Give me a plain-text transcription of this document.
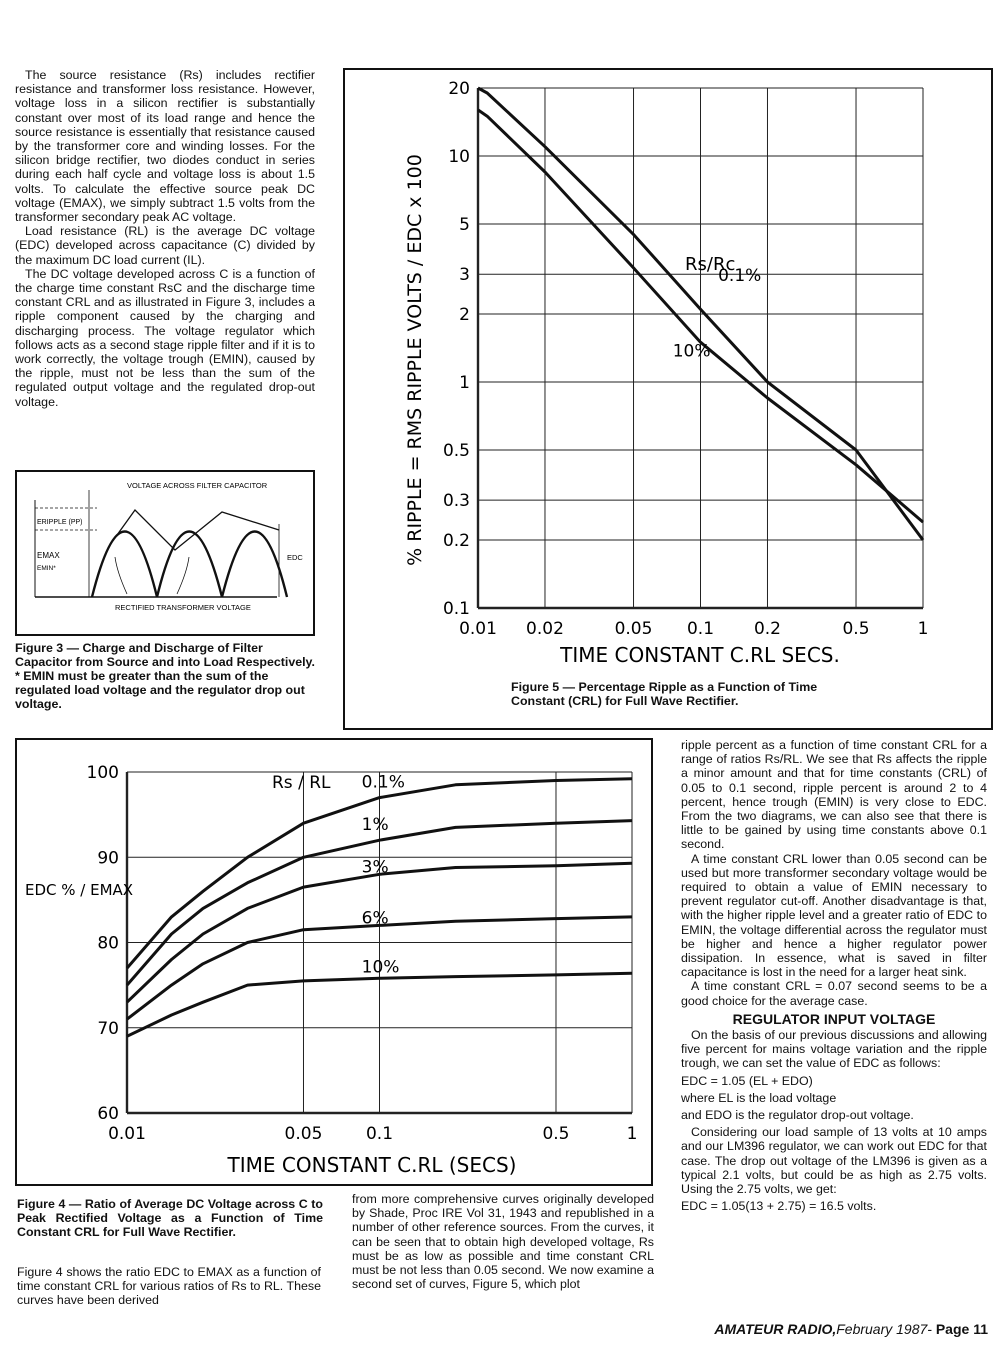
The source resistance (Rs) includes rectifier resistance and transformer loss resistance. However, voltage loss in a silicon rectifier is substantially constant over most of its load range and hence the source resistance is essentially that resistance caused by the transformer core and winding losses. For the silicon bridge rectifier, two diodes conduct in series during each half cycle and voltage loss is about 1.5 volts. To calculate the effective source peak DC voltage (EMAX), we simply subtract 1.5 volts from the transformer secondary peak AC voltage.

Load resistance (RL) is the average DC voltage (EDC) developed across capacitance (C) divided by the maximum DC load current (IL).

The DC voltage developed across C is a function of the charge time constant RsC and the discharge time constant CRL and as illustrated in Figure 3, includes a ripple component caused by the charging and discharging process. The voltage regulator which follows acts as a second stage ripple filter and if it is to work correctly, the voltage trough (EMIN), caused by the ripple, must not be less than the sum of the regulated output voltage and the regulated drop-out voltage.

VOLTAGE ACROSS FILTER CAPACITOR
ERIPPLE (PP)
EMAX
EMIN*
EDC
RECTIFIED TRANSFORMER VOLTAGE
Figure 3 — Charge and Discharge of Filter Capacitor from Source and into Load Respectively.
* EMIN must be greater than the sum of the regulated load voltage and the regulator drop out voltage.
0.01 0.02	0.05 0.1 0.2	0.5	1
0.1
0.2
0.3
0.5
1
2
3
5
10
20
TIME CONSTANT C.RL SECS.
% RIPPLE = RMS RIPPLE VOLTS / EDC x 100	Rs/Rc
0.1%
10%
Figure 5 — Percentage Ripple as a Function of Time Constant (CRL) for Full Wave Rectifier.
0.01	0.05	0.1	0.5	1
60
70
80
90
100
TIME CONSTANT C.RL (SECS)
EDC % / EMAX
Rs / RL 0.1%
1%
3%
6%
10%
Figure 4 — Ratio of Average DC Voltage across C to Peak Rectified Voltage as a Function of Time Constant CRL for Full Wave Rectifier.

Figure 4 shows the ratio EDC to EMAX as a function of time constant CRL for various ratios of Rs to RL. These curves have been derived

from more comprehensive curves originally developed by Shade, Proc IRE Vol 31, 1943 and republished in a number of other reference sources. From the curves, it can be seen that to obtain high developed voltage, Rs must be as low as possible and time constant CRL must be not less than 0.05 second. We now examine a second set of curves, Figure 5, which plot

ripple percent as a function of time constant CRL for a range of ratios Rs/RL. We see that Rs affects the ripple a minor amount and that for time constants (CRL) of 0.05 to 0.1 second, ripple percent is around 2 to 4 percent, hence trough (EMIN) is very close to EDC. From the two diagrams, we can also see that there is little to be gained by using time constants above 0.1 second.

A time constant CRL lower than 0.05 second can be used but more transformer secondary voltage would be required to obtain a value of EMIN necessary to prevent regulator cut-off. Another disadvantage is that, with the higher ripple level and a greater ratio of EDC to EMIN, the voltage differential across the regulator must be higher and hence a higher regulator power dissipation. In essence, what is saved in filter capacitance is lost in the need for a larger heat sink.

A time constant CRL = 0.07 second seems to be a good choice for the average case.

REGULATOR INPUT VOLTAGE

On the basis of our previous discussions and allowing five percent for mains voltage variation and the ripple trough, we can set the value of EDC as follows:

EDC = 1.05 (EL + EDO)

where EL is the load voltage

and EDO is the regulator drop-out voltage.

Considering our load sample of 13 volts at 10 amps and our LM396 regulator, we can work out EDC for that case. The drop out voltage of the LM396 is given as a typical 2.1 volts, but could be as high as 2.75 volts. Using the 2.75 volts, we get:

EDC = 1.05(13 + 2.75) = 16.5 volts.

AMATEUR RADIO,February 1987- Page 11
